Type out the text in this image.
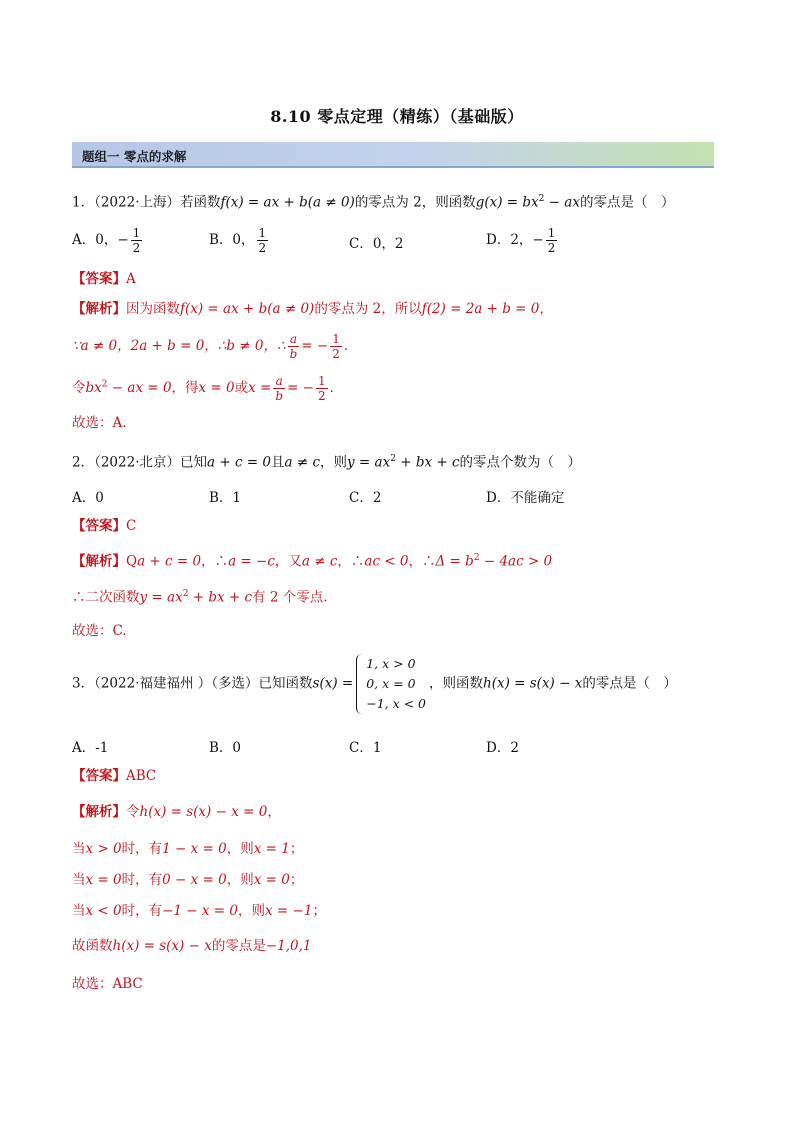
8.10 零点定理（精练）（基础版）
题组一 零点的求解
1．（2022·上海）若函数f(x) = ax + b(a ≠ 0)的零点为 2，则函数$g(x) = bx^2$ − ax的零点是（　）
A．0，− $\frac{1}{2}$	B．0， $\frac{1}{2}$	C．0，2	D．2，− $\frac{1}{2}$
【答案】A
【解析】因为函数f(x) = ax + b(a ≠ 0)的零点为 2，所以f(2) = 2a + b = 0，
∵a ≠ 0，2a + b = 0，∴b ≠ 0，∴ $\frac{a}{b}$ = − $\frac{1}{2}$ ．
令$bx^2$ − ax = 0，得x = 0或$x = \frac{a}{b}$ = − $\frac{1}{2}$ ．
故选：A.
2．（2022·北京）已知a + c = 0且a ≠ c，则$y = ax^2$ + bx + c的零点个数为（　）
A．0	B．1	C．2	D．不能确定
【答案】C
【解析】Qa + c = 0，∴a = −c，又a ≠ c，∴ac < 0，∴Δ = $b^2 - 4ac > 0$
∴二次函数$y = ax^2$ + bx + c有 2 个零点.
故选：C.
3．（2022·福建福州 ）（多选）已知函数s(x) =
1, x > 0
0, x = 0
−1, x < 0
，则函数h(x) = s(x) − x的零点是（　）
A．-1	B．0	C．1	D．2
【答案】ABC
【解析】令h(x) = s(x) − x = 0，
当x > 0时，有1 − x = 0，则x = 1；
当x = 0时，有0 − x = 0，则x = 0；
当x < 0时，有−1 − x = 0，则x = −1；
故函数h(x) = s(x) − x的零点是−1,0,1
故选：ABC
